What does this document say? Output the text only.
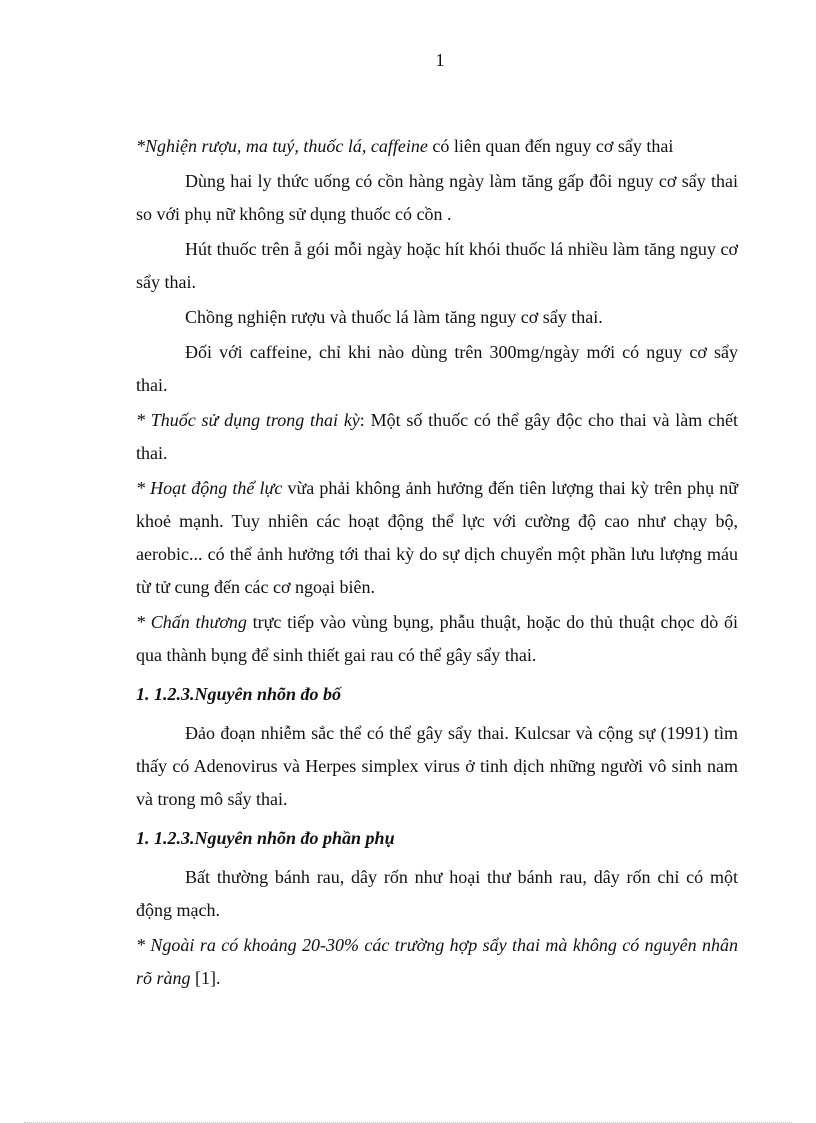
1

*Nghiện rượu, ma tuý, thuốc lá, caffeine có liên quan đến nguy cơ sẩy thai

Dùng hai ly thức uống có cồn hàng ngày làm tăng gấp đôi nguy cơ sẩy thai so với phụ nữ không sử dụng thuốc có cồn .

Hút thuốc trên ẵ gói mỗi ngày hoặc hít khói thuốc lá nhiều làm tăng nguy cơ sẩy thai.

Chồng nghiện rượu và thuốc lá làm tăng nguy cơ sẩy thai.

Đối với caffeine, chỉ khi nào dùng trên 300mg/ngày mới có nguy cơ sẩy thai.

* Thuốc sử dụng trong thai kỳ: Một số thuốc có thể gây độc cho thai và làm chết thai.

* Hoạt động thể lực vừa phải không ảnh hưởng đến tiên lượng thai kỳ trên phụ nữ khoẻ mạnh. Tuy nhiên các hoạt động thể lực với cường độ cao như chạy bộ, aerobic... có thể ảnh hưởng tới thai kỳ do sự dịch chuyển một phần lưu lượng máu từ tử cung đến các cơ ngoại biên.

* Chấn thương trực tiếp vào vùng bụng, phẫu thuật, hoặc do thủ thuật chọc dò ối qua thành bụng để sinh thiết gai rau có thể gây sẩy thai.

1. 1.2.3.Nguyên nhõn đo bố

Đảo đoạn nhiễm sắc thể có thể gây sẩy thai. Kulcsar và cộng sự (1991) tìm thấy có Adenovirus và Herpes simplex virus ở tinh dịch những người vô sinh nam và trong mô sẩy thai.

1. 1.2.3.Nguyên nhõn đo phần phụ

Bất thường bánh rau, dây rốn như hoại thư bánh rau, dây rốn chỉ có một động mạch.

* Ngoài ra có khoảng 20-30% các trường hợp sẩy thai mà không có nguyên nhân rõ ràng [1].
